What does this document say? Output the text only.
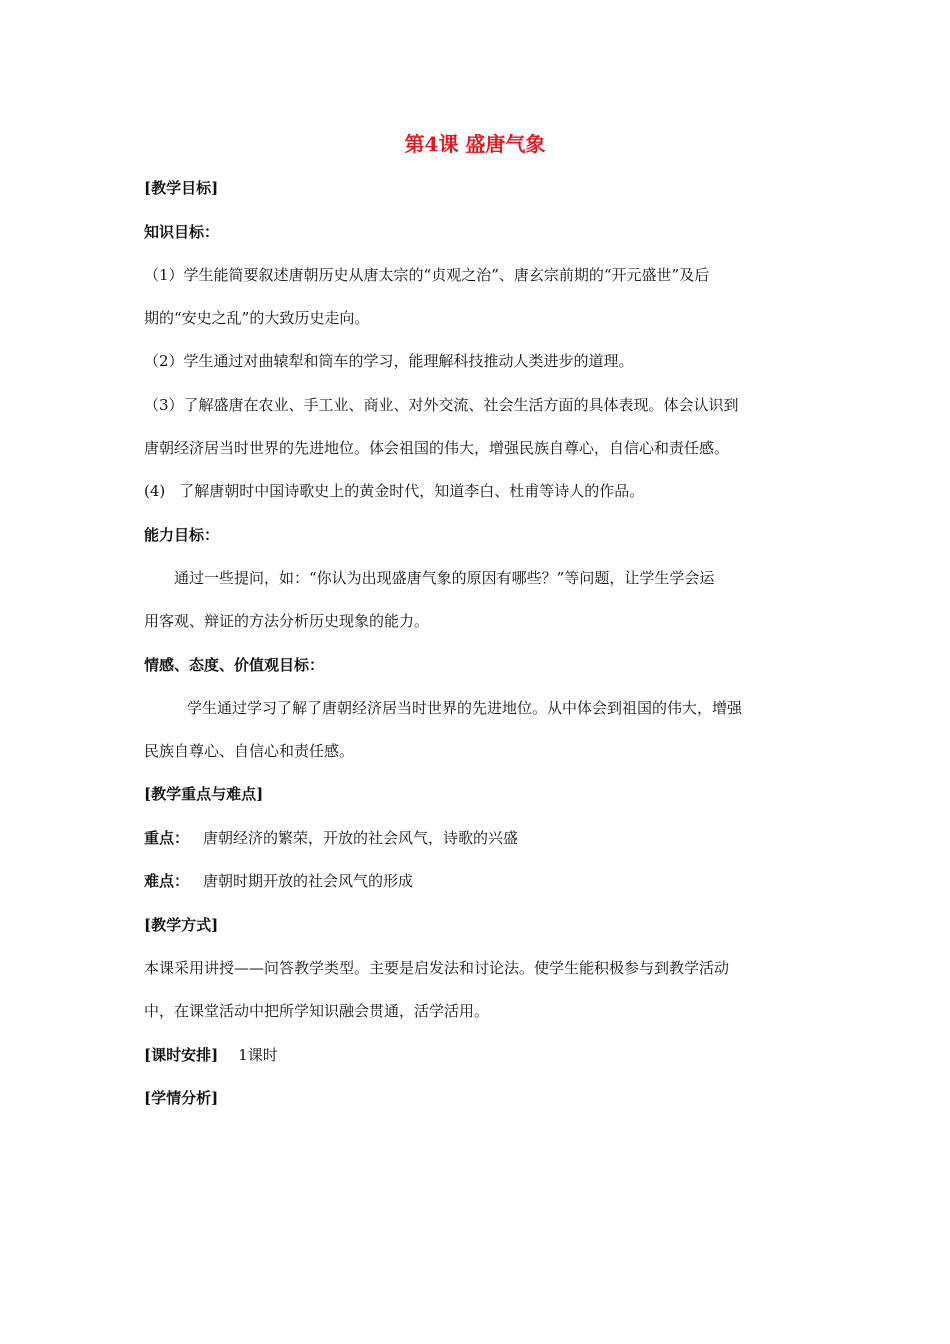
第4课 盛唐气象
[教学目标]
知识目标：
（1）学生能简要叙述唐朝历史从唐太宗的“贞观之治”、唐玄宗前期的“开元盛世”及后
期的“安史之乱”的大致历史走向。
（2）学生通过对曲辕犁和筒车的学习，能理解科技推动人类进步的道理。
（3）了解盛唐在农业、手工业、商业、对外交流、社会生活方面的具体表现。体会认识到
唐朝经济居当时世界的先进地位。体会祖国的伟大，增强民族自尊心，自信心和责任感。
(4) 了解唐朝时中国诗歌史上的黄金时代，知道李白、杜甫等诗人的作品。
能力目标：
通过一些提问，如：“你认为出现盛唐气象的原因有哪些？”等问题，让学生学会运
用客观、辩证的方法分析历史现象的能力。
情感、态度、价值观目标：
学生通过学习了解了唐朝经济居当时世界的先进地位。从中体会到祖国的伟大，增强
民族自尊心、自信心和责任感。
[教学重点与难点]
重点： 唐朝经济的繁荣，开放的社会风气，诗歌的兴盛
难点： 唐朝时期开放的社会风气的形成
[教学方式]
本课采用讲授——问答教学类型。主要是启发法和讨论法。使学生能积极参与到教学活动
中，在课堂活动中把所学知识融会贯通，活学活用。
[课时安排] 1课时
[学情分析]
